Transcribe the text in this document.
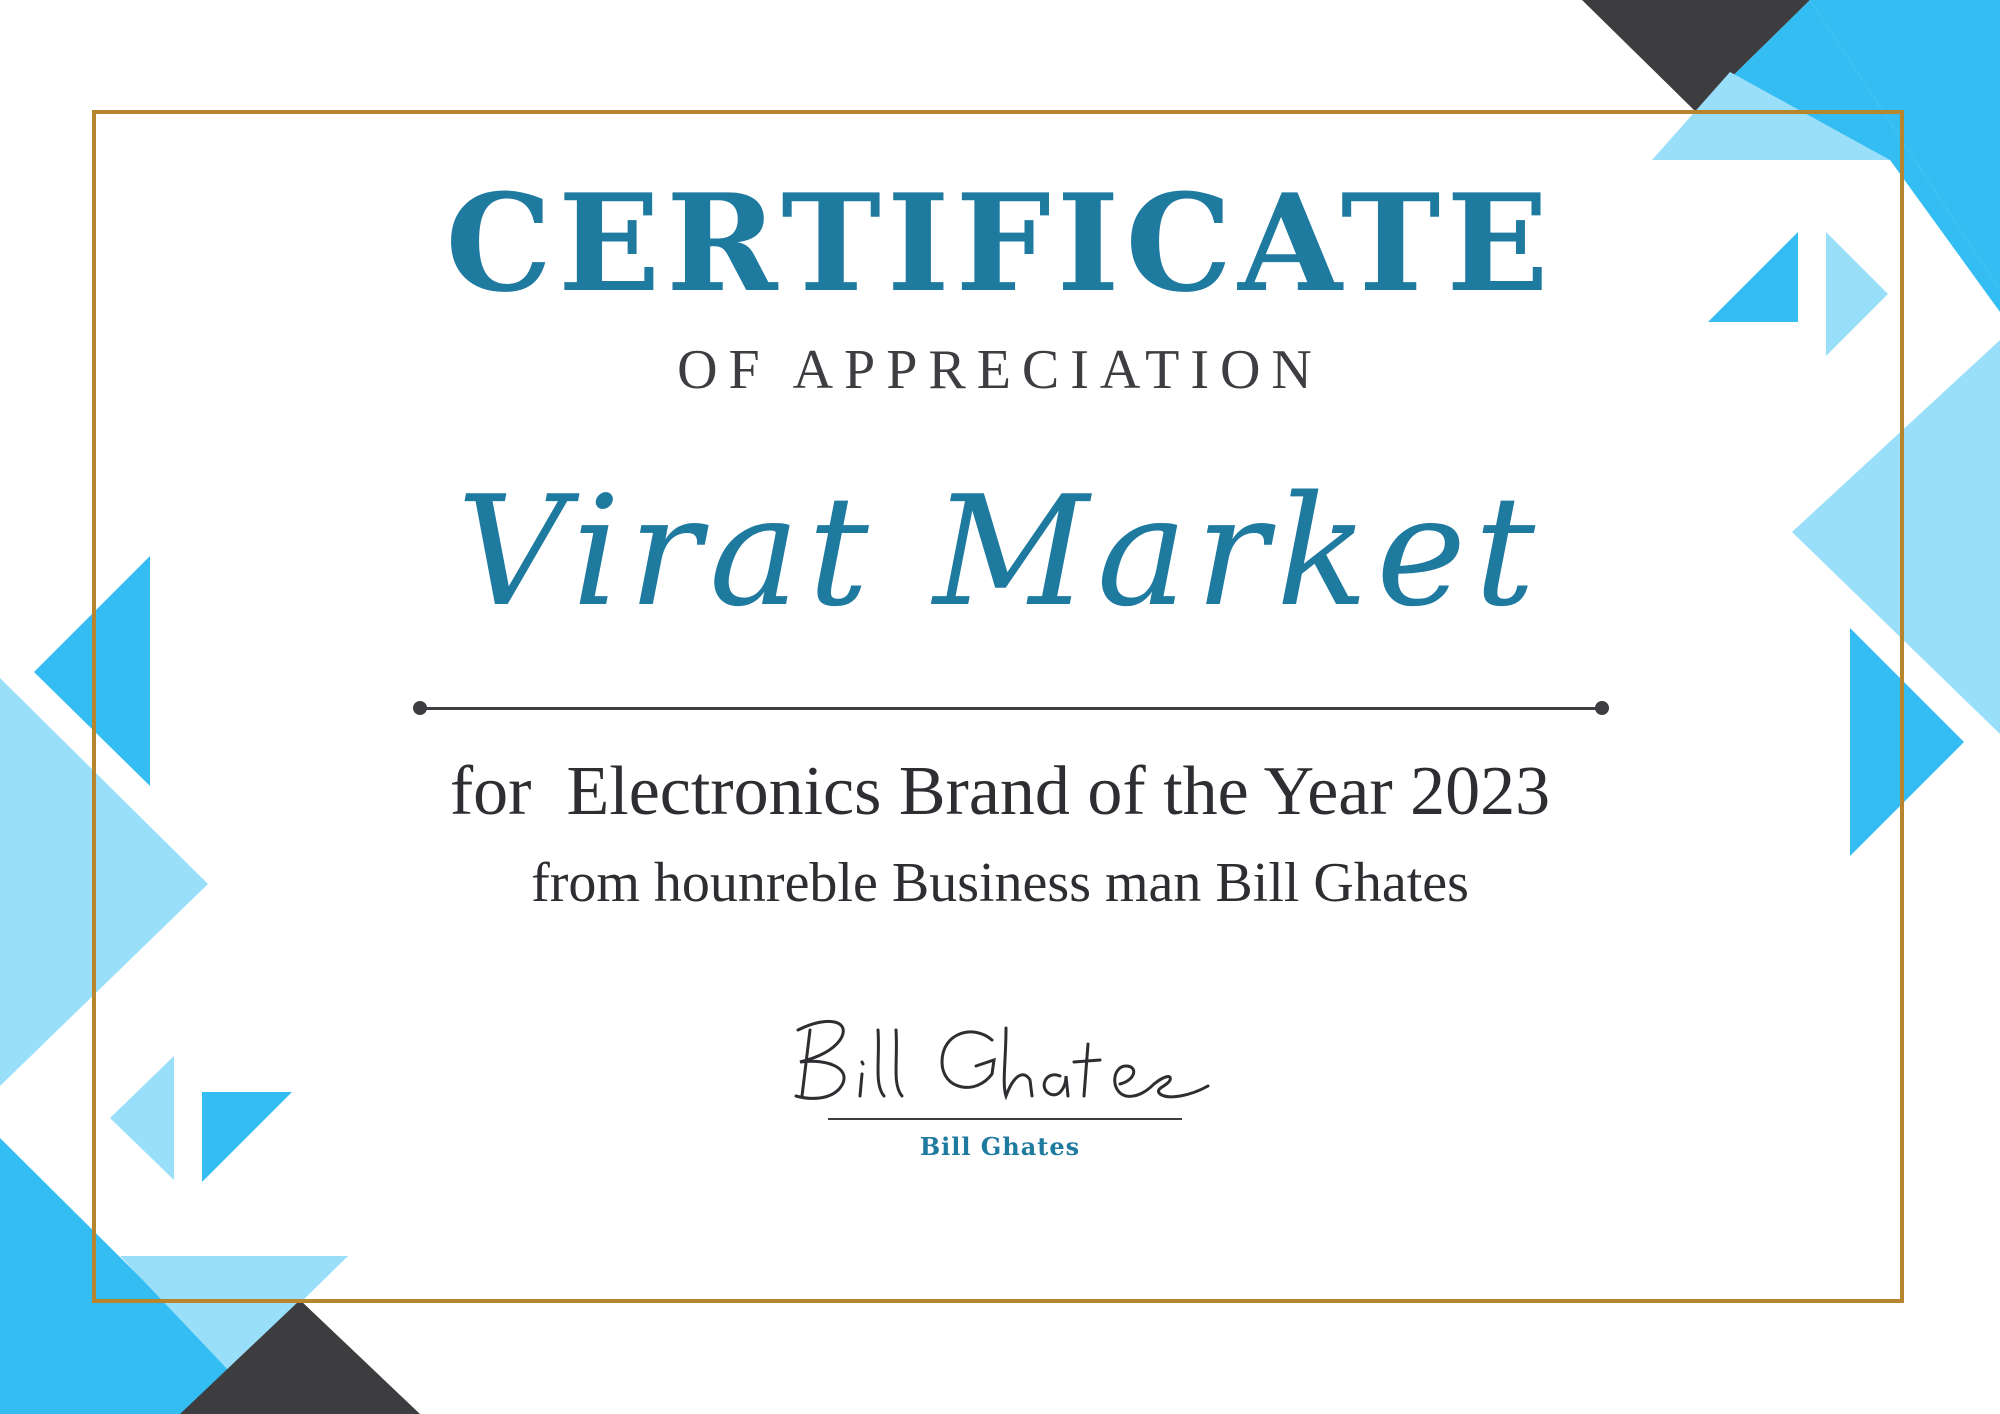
CERTIFICATE
OF APPRECIATION
Virat Market
for  Electronics Brand of the Year 2023
from hounreble Business man Bill Ghates
Bill Ghates
